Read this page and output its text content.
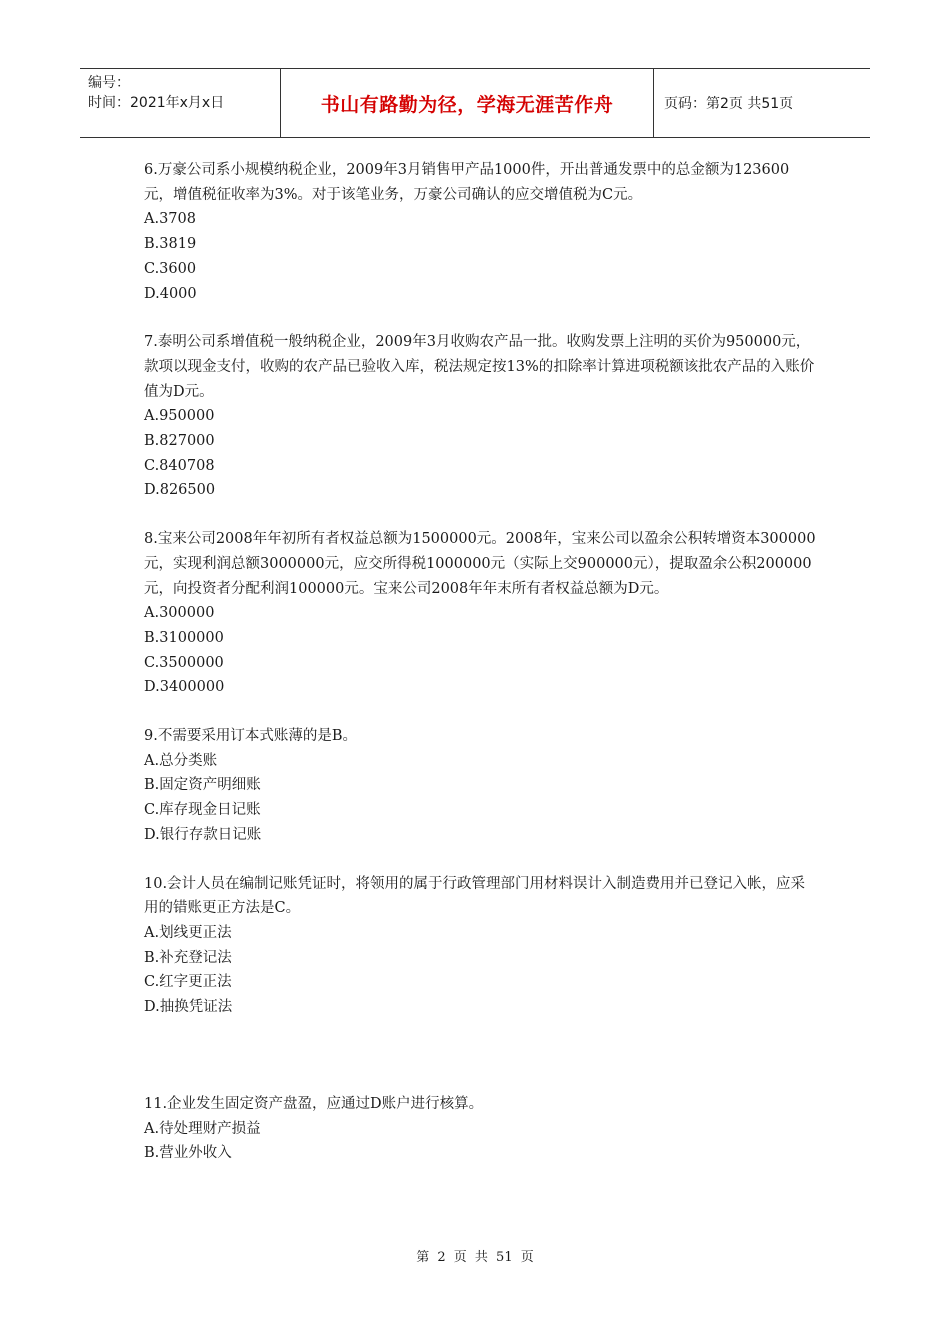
编号：
时间：2021年x月x日	书山有路勤为径，学海无涯苦作舟	页码：第2页 共51页
6.万豪公司系小规模纳税企业，2009年3月销售甲产品1000件，开出普通发票中的总金额为123600元，增值税征收率为3%。对于该笔业务，万豪公司确认的应交增值税为C元。
A.3708
B.3819
C.3600
D.4000
7.泰明公司系增值税一般纳税企业，2009年3月收购农产品一批。收购发票上注明的买价为950000元，款项以现金支付，收购的农产品已验收入库，税法规定按13%的扣除率计算进项税额该批农产品的入账价值为D元。
A.950000
B.827000
C.840708
D.826500
8.宝来公司2008年年初所有者权益总额为1500000元。2008年，宝来公司以盈余公积转增资本300000元，实现利润总额3000000元，应交所得税1000000元（实际上交900000元），提取盈余公积200000元，向投资者分配利润100000元。宝来公司2008年年末所有者权益总额为D元。
A.300000
B.3100000
C.3500000
D.3400000
9.不需要采用订本式账薄的是B。
A.总分类账
B.固定资产明细账
C.库存现金日记账
D.银行存款日记账
10.会计人员在编制记账凭证时，将领用的属于行政管理部门用材料误计入制造费用并已登记入帐，应采用的错账更正方法是C。
A.划线更正法
B.补充登记法
C.红字更正法
D.抽换凭证法
11.企业发生固定资产盘盈，应通过D账户进行核算。
A.待处理财产损益
B.营业外收入
第 2 页 共 51 页
